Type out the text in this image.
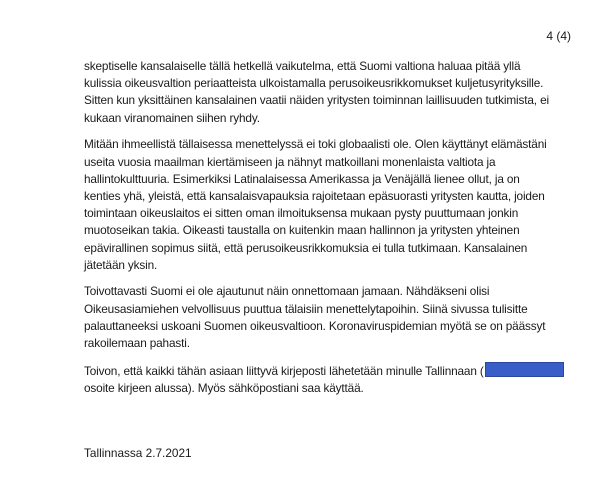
4 (4)

skeptiselle kansalaiselle tällä hetkellä vaikutelma, että Suomi valtiona haluaa pitää yllä
kulissia oikeusvaltion periaatteista ulkoistamalla perusoikeusrikkomukset kuljetusyrityksille.
Sitten kun yksittäinen kansalainen vaatii näiden yritysten toiminnan laillisuuden tutkimista, ei
kukaan viranomainen siihen ryhdy.

Mitään ihmeellistä tällaisessa menettelyssä ei toki globaalisti ole. Olen käyttänyt elämästäni
useita vuosia maailman kiertämiseen ja nähnyt matkoillani monenlaista valtiota ja
hallintokulttuuria. Esimerkiksi Latinalaisessa Amerikassa ja Venäjällä lienee ollut, ja on
kenties yhä, yleistä, että kansalaisvapauksia rajoitetaan epäsuorasti yritysten kautta, joiden
toimintaan oikeuslaitos ei sitten oman ilmoituksensa mukaan pysty puuttumaan jonkin
muotoseikan takia. Oikeasti taustalla on kuitenkin maan hallinnon ja yritysten yhteinen
epävirallinen sopimus siitä, että perusoikeusrikkomuksia ei tulla tutkimaan. Kansalainen
jätetään yksin.

Toivottavasti Suomi ei ole ajautunut näin onnettomaan jamaan. Nähdäkseni olisi
Oikeusasiamiehen velvollisuus puuttua tälaisiin menettelytapoihin. Siinä sivussa tulisitte
palauttaneeksi uskoani Suomen oikeusvaltioon. Koronaviruspidemian myötä se on päässyt
rakoilemaan pahasti.

Toivon, että kaikki tähän asiaan liittyvä kirjeposti lähetetään minulle Tallinnaan (
osoite kirjeen alussa). Myös sähköpostiani saa käyttää.

Tallinnassa 2.7.2021
